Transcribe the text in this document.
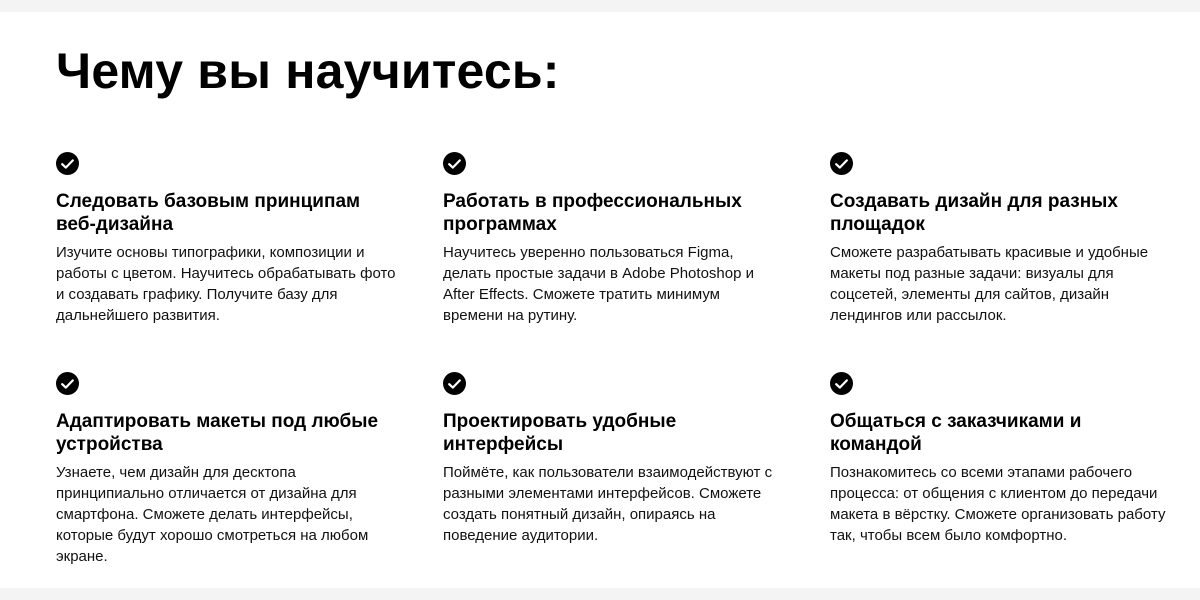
Чему вы научитесь:
Следовать базовым принципам веб-дизайна

Изучите основы типографики, композиции и работы с цветом. Научитесь обрабатывать фото и создавать графику. Получите базу для дальнейшего развития.

Работать в профессиональных программах

Научитесь уверенно пользоваться Figma, делать простые задачи в Adobe Photoshop и After Effects. Сможете тратить минимум времени на рутину.

Создавать дизайн для разных площадок

Сможете разрабатывать красивые и удобные макеты под разные задачи: визуалы для соцсетей, элементы для сайтов, дизайн лендингов или рассылок.

Адаптировать макеты под любые устройства

Узнаете, чем дизайн для десктопа принципиально отличается от дизайна для смартфона. Сможете делать интерфейсы, которые будут хорошо смотреться на любом экране.

Проектировать удобные интерфейсы

Поймёте, как пользователи взаимодействуют с разными элементами интерфейсов. Сможете создать понятный дизайн, опираясь на поведение аудитории.

Общаться с заказчиками и командой

Познакомитесь со всеми этапами рабочего процесса: от общения с клиентом до передачи макета в вёрстку. Сможете организовать работу так, чтобы всем было комфортно.
